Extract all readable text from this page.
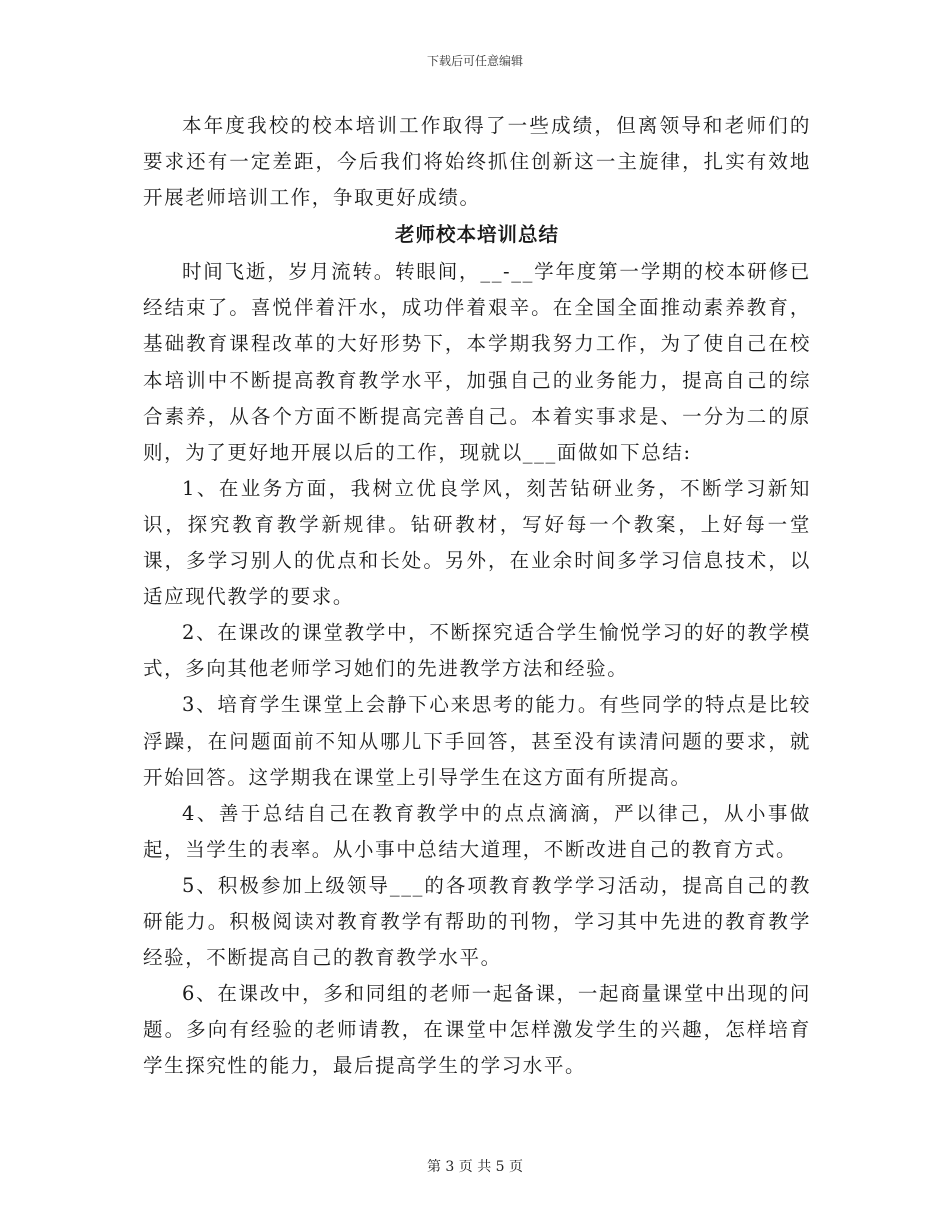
下载后可任意编辑

本年度我校的校本培训工作取得了一些成绩，但离领导和老师们的要求还有一定差距，今后我们将始终抓住创新这一主旋律，扎实有效地开展老师培训工作，争取更好成绩。

老师校本培训总结

时间飞逝，岁月流转。转眼间，__-__学年度第一学期的校本研修已经结束了。喜悦伴着汗水，成功伴着艰辛。在全国全面推动素养教育，基础教育课程改革的大好形势下，本学期我努力工作，为了使自己在校本培训中不断提高教育教学水平，加强自己的业务能力，提高自己的综合素养，从各个方面不断提高完善自己。本着实事求是、一分为二的原则，为了更好地开展以后的工作，现就以___面做如下总结:

1、在业务方面，我树立优良学风，刻苦钻研业务，不断学习新知识，探究教育教学新规律。钻研教材，写好每一个教案，上好每一堂课，多学习别人的优点和长处。另外，在业余时间多学习信息技术，以适应现代教学的要求。

2、在课改的课堂教学中，不断探究适合学生愉悦学习的好的教学模式，多向其他老师学习她们的先进教学方法和经验。

3、培育学生课堂上会静下心来思考的能力。有些同学的特点是比较浮躁，在问题面前不知从哪儿下手回答，甚至没有读清问题的要求，就开始回答。这学期我在课堂上引导学生在这方面有所提高。

4、善于总结自己在教育教学中的点点滴滴，严以律己，从小事做起，当学生的表率。从小事中总结大道理，不断改进自己的教育方式。

5、积极参加上级领导___的各项教育教学学习活动，提高自己的教研能力。积极阅读对教育教学有帮助的刊物，学习其中先进的教育教学经验，不断提高自己的教育教学水平。

6、在课改中，多和同组的老师一起备课，一起商量课堂中出现的问题。多向有经验的老师请教，在课堂中怎样激发学生的兴趣，怎样培育学生探究性的能力，最后提高学生的学习水平。

第 3 页 共 5 页
